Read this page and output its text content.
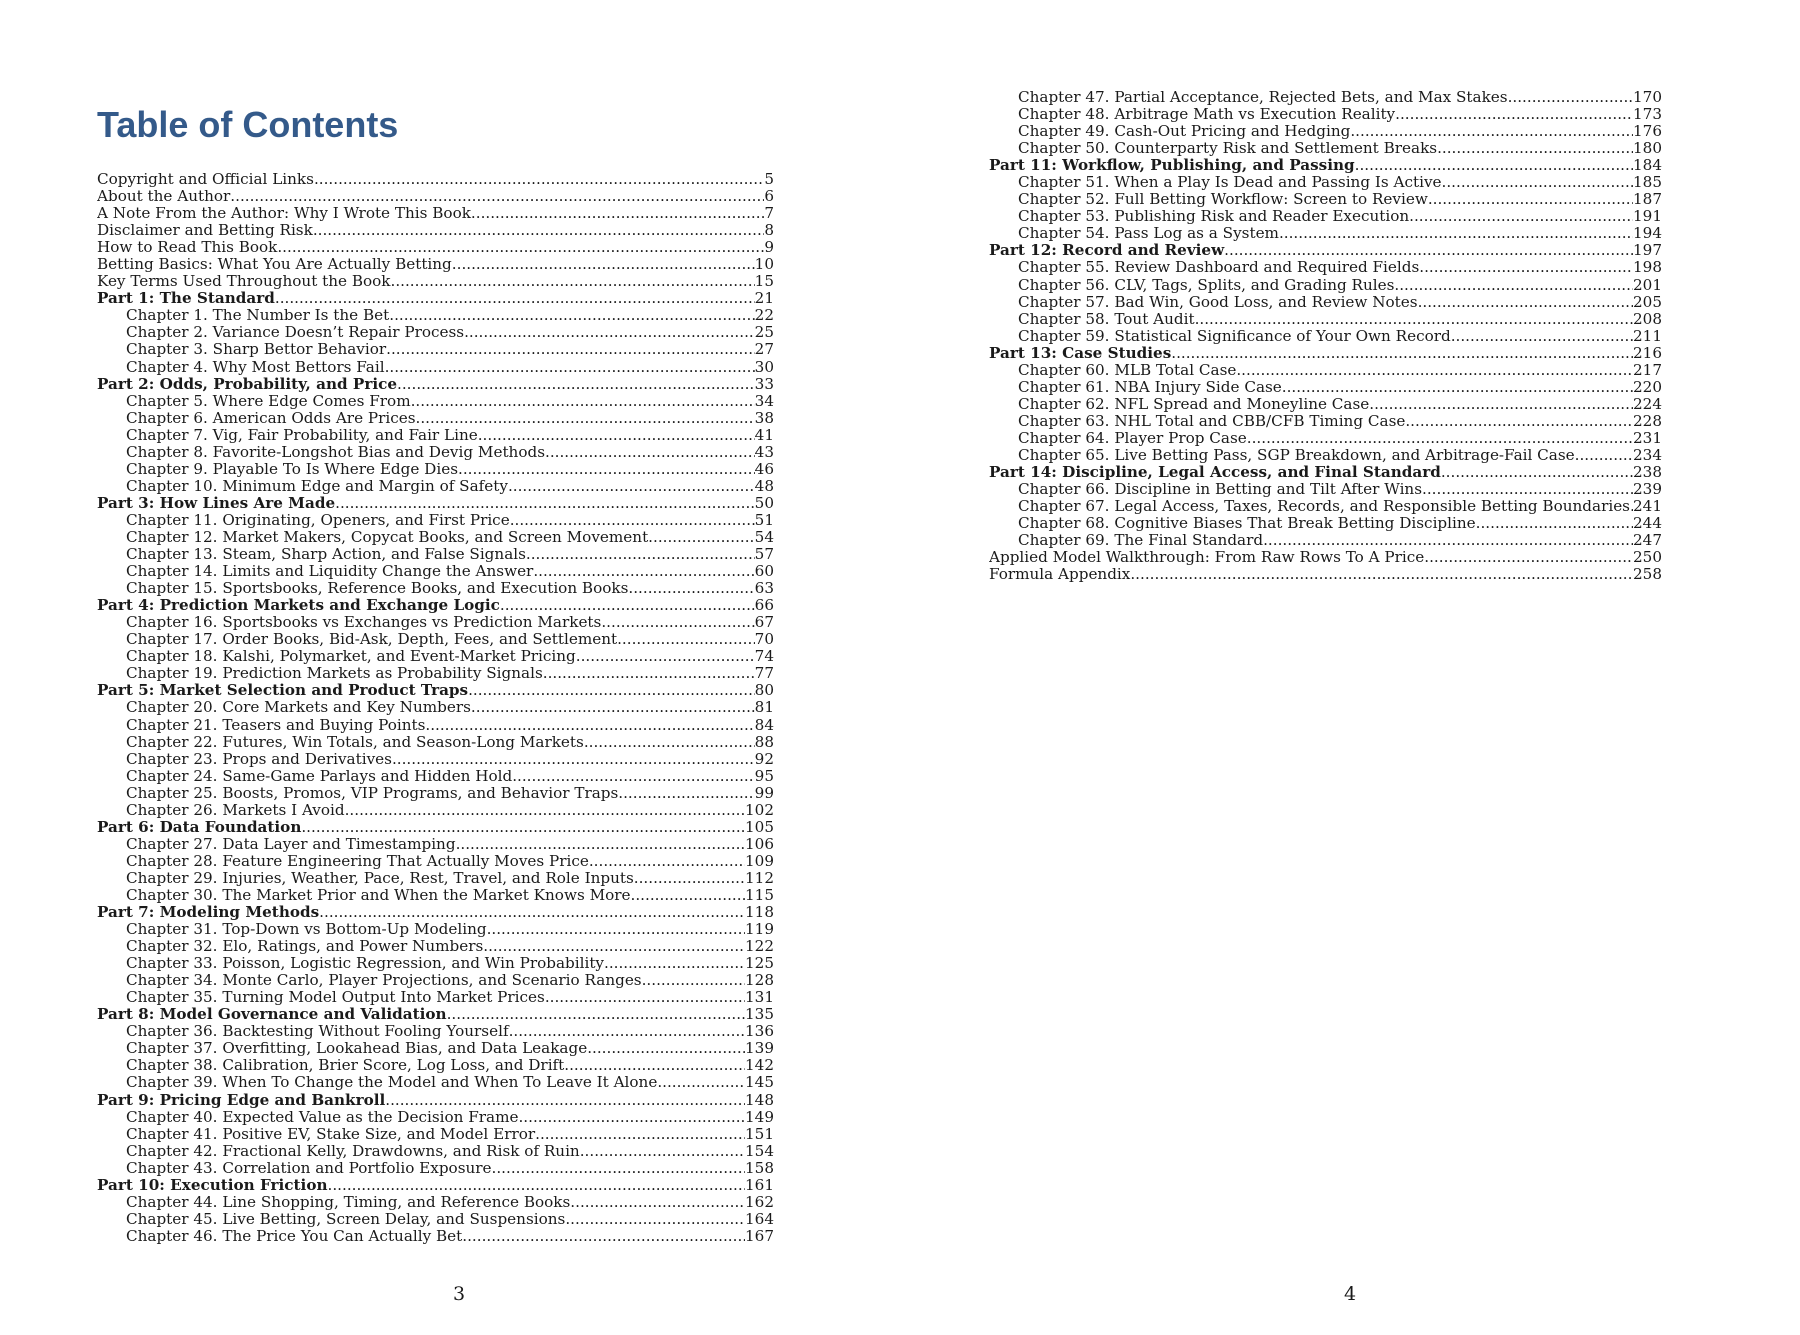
Table of Contents
Copyright and Official Links .....	5
About the Author .....	6
A Note From the Author: Why I Wrote This Book .....	7
Disclaimer and Betting Risk .....	8
How to Read This Book .....	9
Betting Basics: What You Are Actually Betting .....	10
Key Terms Used Throughout the Book .....	15
Part 1: The Standard .....	21
Chapter 1. The Number Is the Bet .....	22
Chapter 2. Variance Doesn’t Repair Process .....	25
Chapter 3. Sharp Bettor Behavior .....	27
Chapter 4. Why Most Bettors Fail .....	30
Part 2: Odds, Probability, and Price .....	33
Chapter 5. Where Edge Comes From .....	34
Chapter 6. American Odds Are Prices .....	38
Chapter 7. Vig, Fair Probability, and Fair Line .....	41
Chapter 8. Favorite-Longshot Bias and Devig Methods .....	43
Chapter 9. Playable To Is Where Edge Dies .....	46
Chapter 10. Minimum Edge and Margin of Safety .....	48
Part 3: How Lines Are Made .....	50
Chapter 11. Originating, Openers, and First Price .....	51
Chapter 12. Market Makers, Copycat Books, and Screen Movement .....	54
Chapter 13. Steam, Sharp Action, and False Signals .....	57
Chapter 14. Limits and Liquidity Change the Answer .....	60
Chapter 15. Sportsbooks, Reference Books, and Execution Books .....	63
Part 4: Prediction Markets and Exchange Logic .....	66
Chapter 16. Sportsbooks vs Exchanges vs Prediction Markets .....	67
Chapter 17. Order Books, Bid-Ask, Depth, Fees, and Settlement .....	70
Chapter 18. Kalshi, Polymarket, and Event-Market Pricing .....	74
Chapter 19. Prediction Markets as Probability Signals .....	77
Part 5: Market Selection and Product Traps .....	80
Chapter 20. Core Markets and Key Numbers .....	81
Chapter 21. Teasers and Buying Points .....	84
Chapter 22. Futures, Win Totals, and Season-Long Markets .....	88
Chapter 23. Props and Derivatives .....	92
Chapter 24. Same-Game Parlays and Hidden Hold .....	95
Chapter 25. Boosts, Promos, VIP Programs, and Behavior Traps .....	99
Chapter 26. Markets I Avoid .....	102
Part 6: Data Foundation .....	105
Chapter 27. Data Layer and Timestamping .....	106
Chapter 28. Feature Engineering That Actually Moves Price .....	109
Chapter 29. Injuries, Weather, Pace, Rest, Travel, and Role Inputs .....	112
Chapter 30. The Market Prior and When the Market Knows More .....	115
Part 7: Modeling Methods .....	118
Chapter 31. Top-Down vs Bottom-Up Modeling .....	119
Chapter 32. Elo, Ratings, and Power Numbers .....	122
Chapter 33. Poisson, Logistic Regression, and Win Probability .....	125
Chapter 34. Monte Carlo, Player Projections, and Scenario Ranges .....	128
Chapter 35. Turning Model Output Into Market Prices .....	131
Part 8: Model Governance and Validation .....	135
Chapter 36. Backtesting Without Fooling Yourself .....	136
Chapter 37. Overfitting, Lookahead Bias, and Data Leakage .....	139
Chapter 38. Calibration, Brier Score, Log Loss, and Drift .....	142
Chapter 39. When To Change the Model and When To Leave It Alone .....	145
Part 9: Pricing Edge and Bankroll .....	148
Chapter 40. Expected Value as the Decision Frame .....	149
Chapter 41. Positive EV, Stake Size, and Model Error .....	151
Chapter 42. Fractional Kelly, Drawdowns, and Risk of Ruin .....	154
Chapter 43. Correlation and Portfolio Exposure .....	158
Part 10: Execution Friction .....	161
Chapter 44. Line Shopping, Timing, and Reference Books .....	162
Chapter 45. Live Betting, Screen Delay, and Suspensions .....	164
Chapter 46. The Price You Can Actually Bet .....	167
3
Chapter 47. Partial Acceptance, Rejected Bets, and Max Stakes .....	170
Chapter 48. Arbitrage Math vs Execution Reality .....	173
Chapter 49. Cash-Out Pricing and Hedging .....	176
Chapter 50. Counterparty Risk and Settlement Breaks .....	180
Part 11: Workflow, Publishing, and Passing .....	184
Chapter 51. When a Play Is Dead and Passing Is Active .....	185
Chapter 52. Full Betting Workflow: Screen to Review .....	187
Chapter 53. Publishing Risk and Reader Execution .....	191
Chapter 54. Pass Log as a System .....	194
Part 12: Record and Review .....	197
Chapter 55. Review Dashboard and Required Fields .....	198
Chapter 56. CLV, Tags, Splits, and Grading Rules .....	201
Chapter 57. Bad Win, Good Loss, and Review Notes .....	205
Chapter 58. Tout Audit .....	208
Chapter 59. Statistical Significance of Your Own Record .....	211
Part 13: Case Studies .....	216
Chapter 60. MLB Total Case .....	217
Chapter 61. NBA Injury Side Case .....	220
Chapter 62. NFL Spread and Moneyline Case .....	224
Chapter 63. NHL Total and CBB/CFB Timing Case .....	228
Chapter 64. Player Prop Case .....	231
Chapter 65. Live Betting Pass, SGP Breakdown, and Arbitrage-Fail Case .....	234
Part 14: Discipline, Legal Access, and Final Standard .....	238
Chapter 66. Discipline in Betting and Tilt After Wins .....	239
Chapter 67. Legal Access, Taxes, Records, and Responsible Betting Boundaries ..... 241
Chapter 68. Cognitive Biases That Break Betting Discipline .....	244
Chapter 69. The Final Standard .....	247
Applied Model Walkthrough: From Raw Rows To A Price .....	250
Formula Appendix .....	258
4
